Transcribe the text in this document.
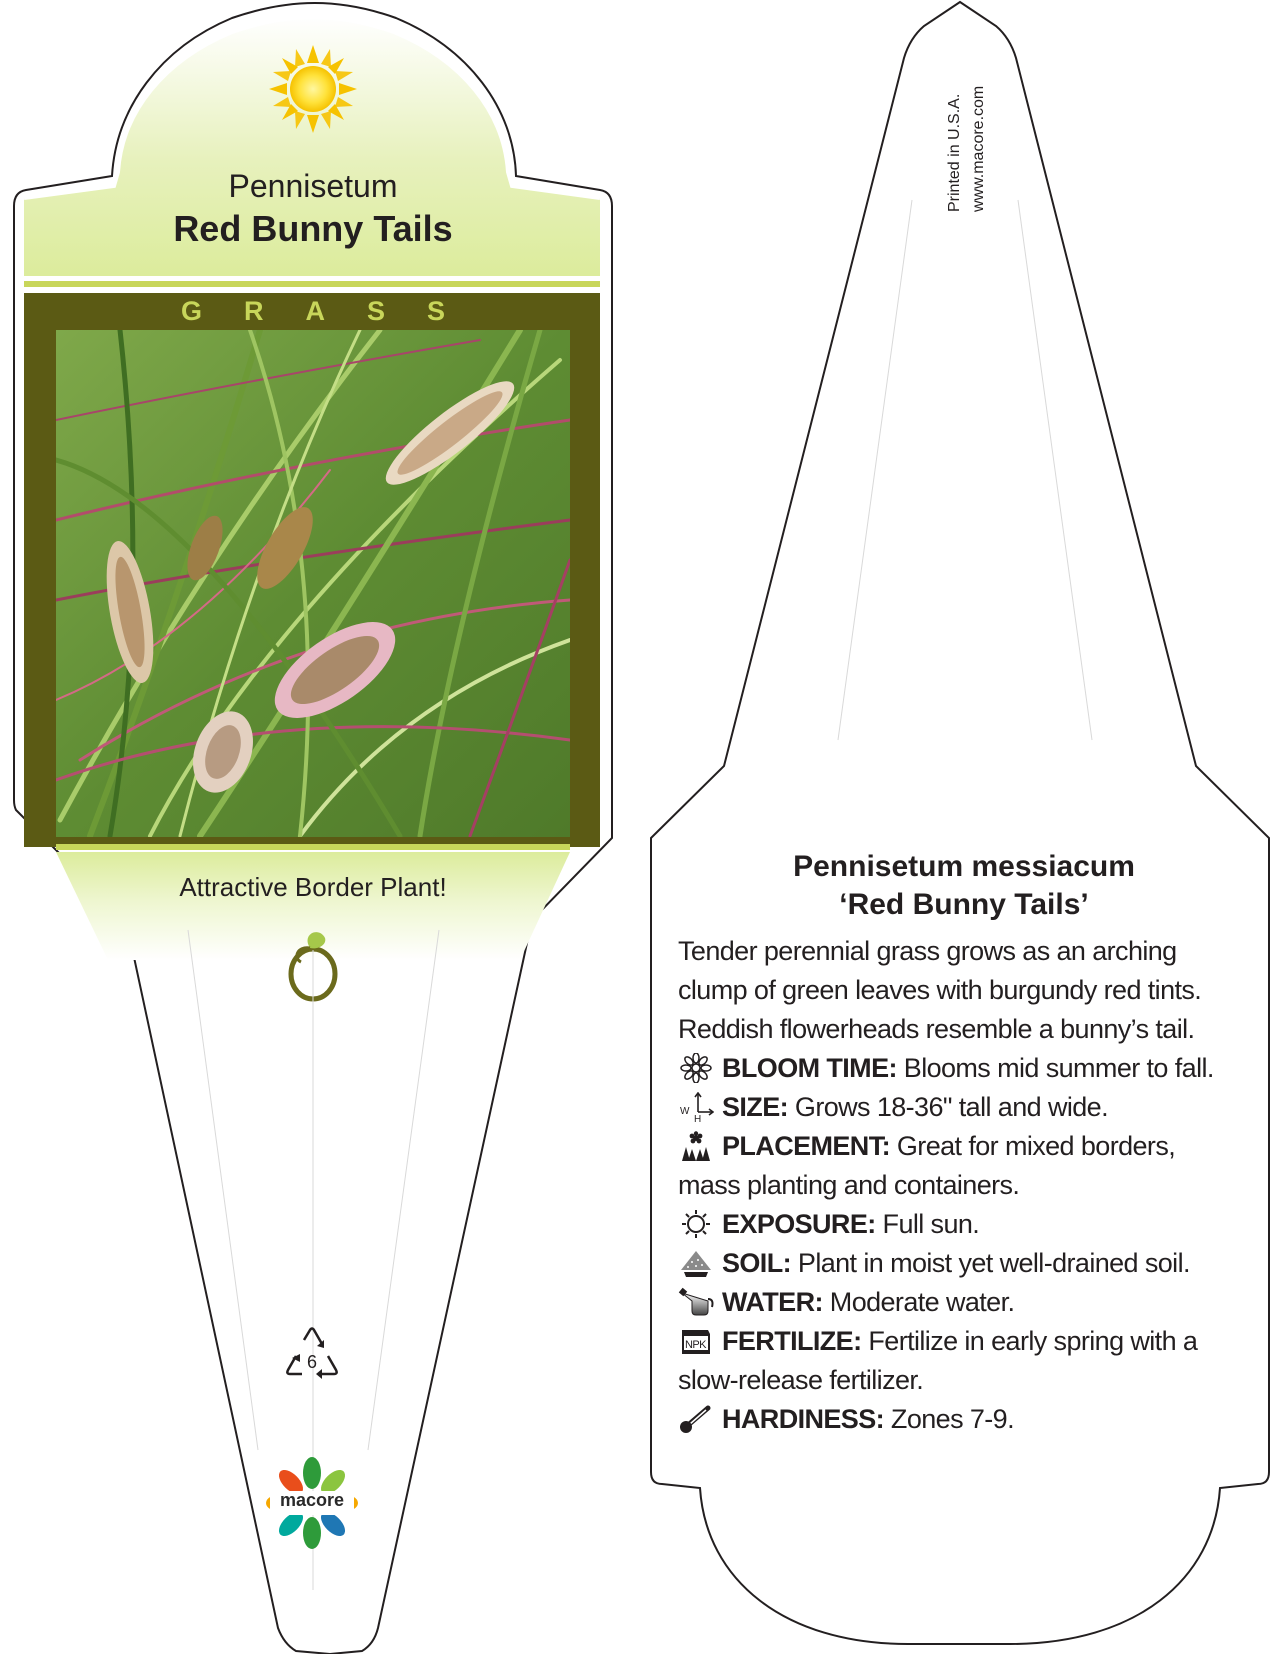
Pennisetum
Red Bunny Tails
GRASS
Attractive Border Plant!
6
macore
Printed in U.S.A. www.macore.com
Pennisetum messiacum
‘Red Bunny Tails’

Tender perennial grass grows as an arching clump of green leaves with burgundy red tints. Reddish flowerheads resemble a bunny’s tail.

BLOOM TIME: Blooms mid summer to fall.

W
H SIZE: Grows 18-36" tall and wide.

PLACEMENT: Great for mixed borders, mass planting and containers.

EXPOSURE: Full sun.

SOIL: Plant in moist yet well-drained soil.

WATER: Moderate water.

NPK FERTILIZE: Fertilize in early spring with a slow-release fertilizer.

HARDINESS: Zones 7-9.
